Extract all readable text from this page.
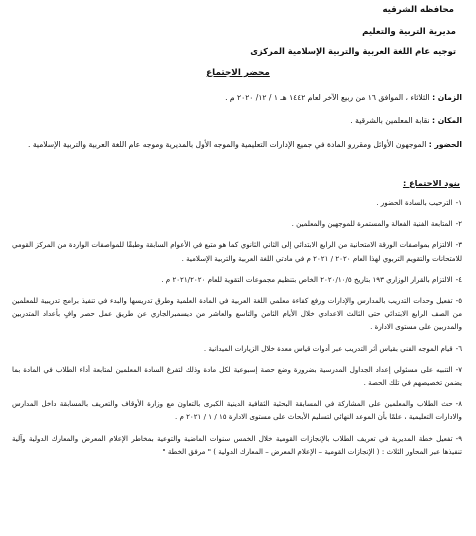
محافظه الشرقيه
مديرية التربية والتعليم
توجيه عام اللغة العربية والتربية الإسلامية المركزى
محضر الاجتماع
الزمان : الثلاثاء ، الموافق ١٦ من ربيع الآخر لعام ١٤٤٢ هـ ١ / ١٢/ ٢٠٢٠ م .
المكان : نقابة المعلمين بالشرقية .
الحضور : الموجهون الأوائل ومقررو المادة في جميع الإدارات التعليمية والموجه الأول بالمديرية وموجه عام اللغة العربية والتربية الإسلامية .
بنود الاجتماع :
١-الترحيب بالسادة الحضور .
٢-المتابعة الفنية الفعالة والمستمرة للموجهين والمعلمين .
٣-الالتزام بمواصفات الورقة الامتحانية من الرابع الابتدائي إلى الثاني الثانوي كما هو متبع في الأعوام السابقة وطبقًا للمواصفات الواردة من المركز القومي للامتحانات والتقويم التربوي لهذا العام ٢٠٢٠ / ٢٠٢١ م في مادتي اللغة العربية والتربية الإسلامية .
٤-الالتزام بالقرار الوزاري ١٩٣ بتاريخ ٢٠٢٠/١٠/٥ الخاص بتنظيم مجموعات التقوية للعام ٢٠٢١/٢٠٢٠ م .
٥-تفعيل وحدات التدريب بالمدارس والإدارات ورفع كفاءة معلمي اللغة العربية في المادة العلمية وطرق تدريسها والبدء في تنفيذ برامج تدريبية للمعلمين من الصف الرابع الابتدائي حتى الثالث الاعدادي خلال الأيام الثامن والتاسع والعاشر من ديسمبرالجاري عن طريق عمل حصر وافٍ بأعداد المتدربين والمدربين على مستوى الادارة .
٦-قيام الموجه الفني بقياس أثر التدريب عبر أدوات قياس معدة خلال الزيارات الميدانية .
٧-التنبيه على مسئولي إعداد الجداول المدرسية بضرورة وضع حصة إسبوعية لكل مادة وذلك لتفرغ السادة المعلمين لمتابعة أداء الطلاب في المادة بما يضمن تخصيصهم في تلك الحصة .
٨-حث الطلاب والمعلمين على المشاركة في المسابقة البحثية الثقافية الدينية الكبرى بالتعاون مع وزارة الأوقاف والتعريف بالمسابقة داخل المدارس والادارات التعليمية ، علمًا بأن الموعد النهائي لتسليم الأبحاث على مستوى الادارة ١٥ / ١ / ٢٠٢١ م .
٩-تفعيل خطة المديرية في تعريف الطلاب بالإنجازات القومية خلال الخمس سنوات الماضية والتوعية بمخاطر الإعلام المعرض والمعارك الدولية وآلية تنفيذها عبر المحاور الثلاث : ( الإنجازات القومية – الإعلام المعرض – المعارك الدولية ) " مرفق الخطة "
